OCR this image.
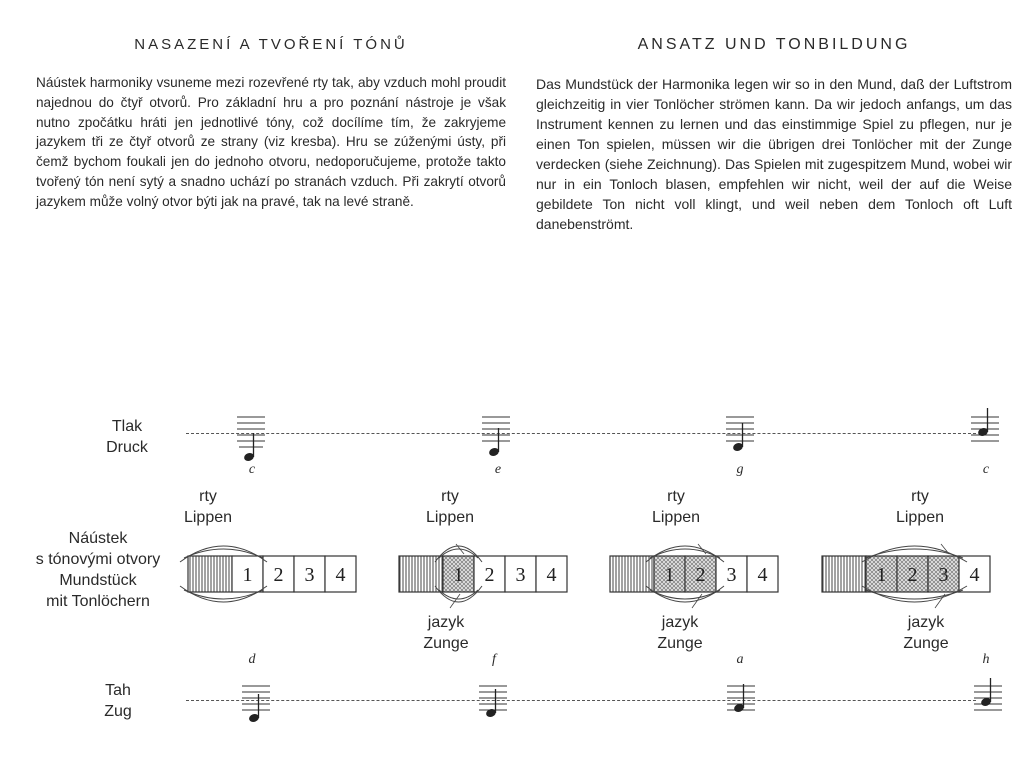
NASAZENÍ A TVOŘENÍ TÓNŮ

Náústek harmoniky vsuneme mezi rozevřené rty tak, aby vzduch mohl proudit najednou do čtyř otvorů. Pro základní hru a pro poznání nástroje je však nutno zpočátku hráti jen jednotlivé tóny, což docílíme tím, že zakryjeme jazykem tři ze čtyř otvorů ze strany (viz kresba). Hru se zúženými ústy, při čemž bychom foukali jen do jednoho otvoru, nedoporučujeme, protože takto tvořený tón není sytý a snadno uchází po stranách vzduch. Při zakrytí otvorů jazykem může volný otvor býti jak na pravé, tak na levé straně.

ANSATZ UND TONBILDUNG

Das Mundstück der Harmonika legen wir so in den Mund, daß der Luftstrom gleichzeitig in vier Tonlöcher strömen kann. Da wir jedoch anfangs, um das Instrument kennen zu lernen und das einstimmige Spiel zu pflegen, nur je einen Ton spielen, müssen wir die übrigen drei Tonlöcher mit der Zunge verdecken (siehe Zeichnung). Das Spielen mit zugespitzem Mund, wobei wir nur in ein Tonloch blasen, empfehlen wir nicht, weil der auf die Weise gebildete Ton nicht voll klingt, und weil neben dem Tonloch oft Luft danebenströmt.

Tlak
Druck
Náústek
s tónovými otvory
Mundstück
mit Tonlöchern
Tah
Zug
1 2 3 4	1 2 3 4	1 2 3 4	1 2 3 4
rty
Lippen
rty
Lippen
rty
Lippen
rty
Lippen
jazyk
Zunge
jazyk
Zunge
jazyk
Zunge
c	e	g	c
d	f	a	h
